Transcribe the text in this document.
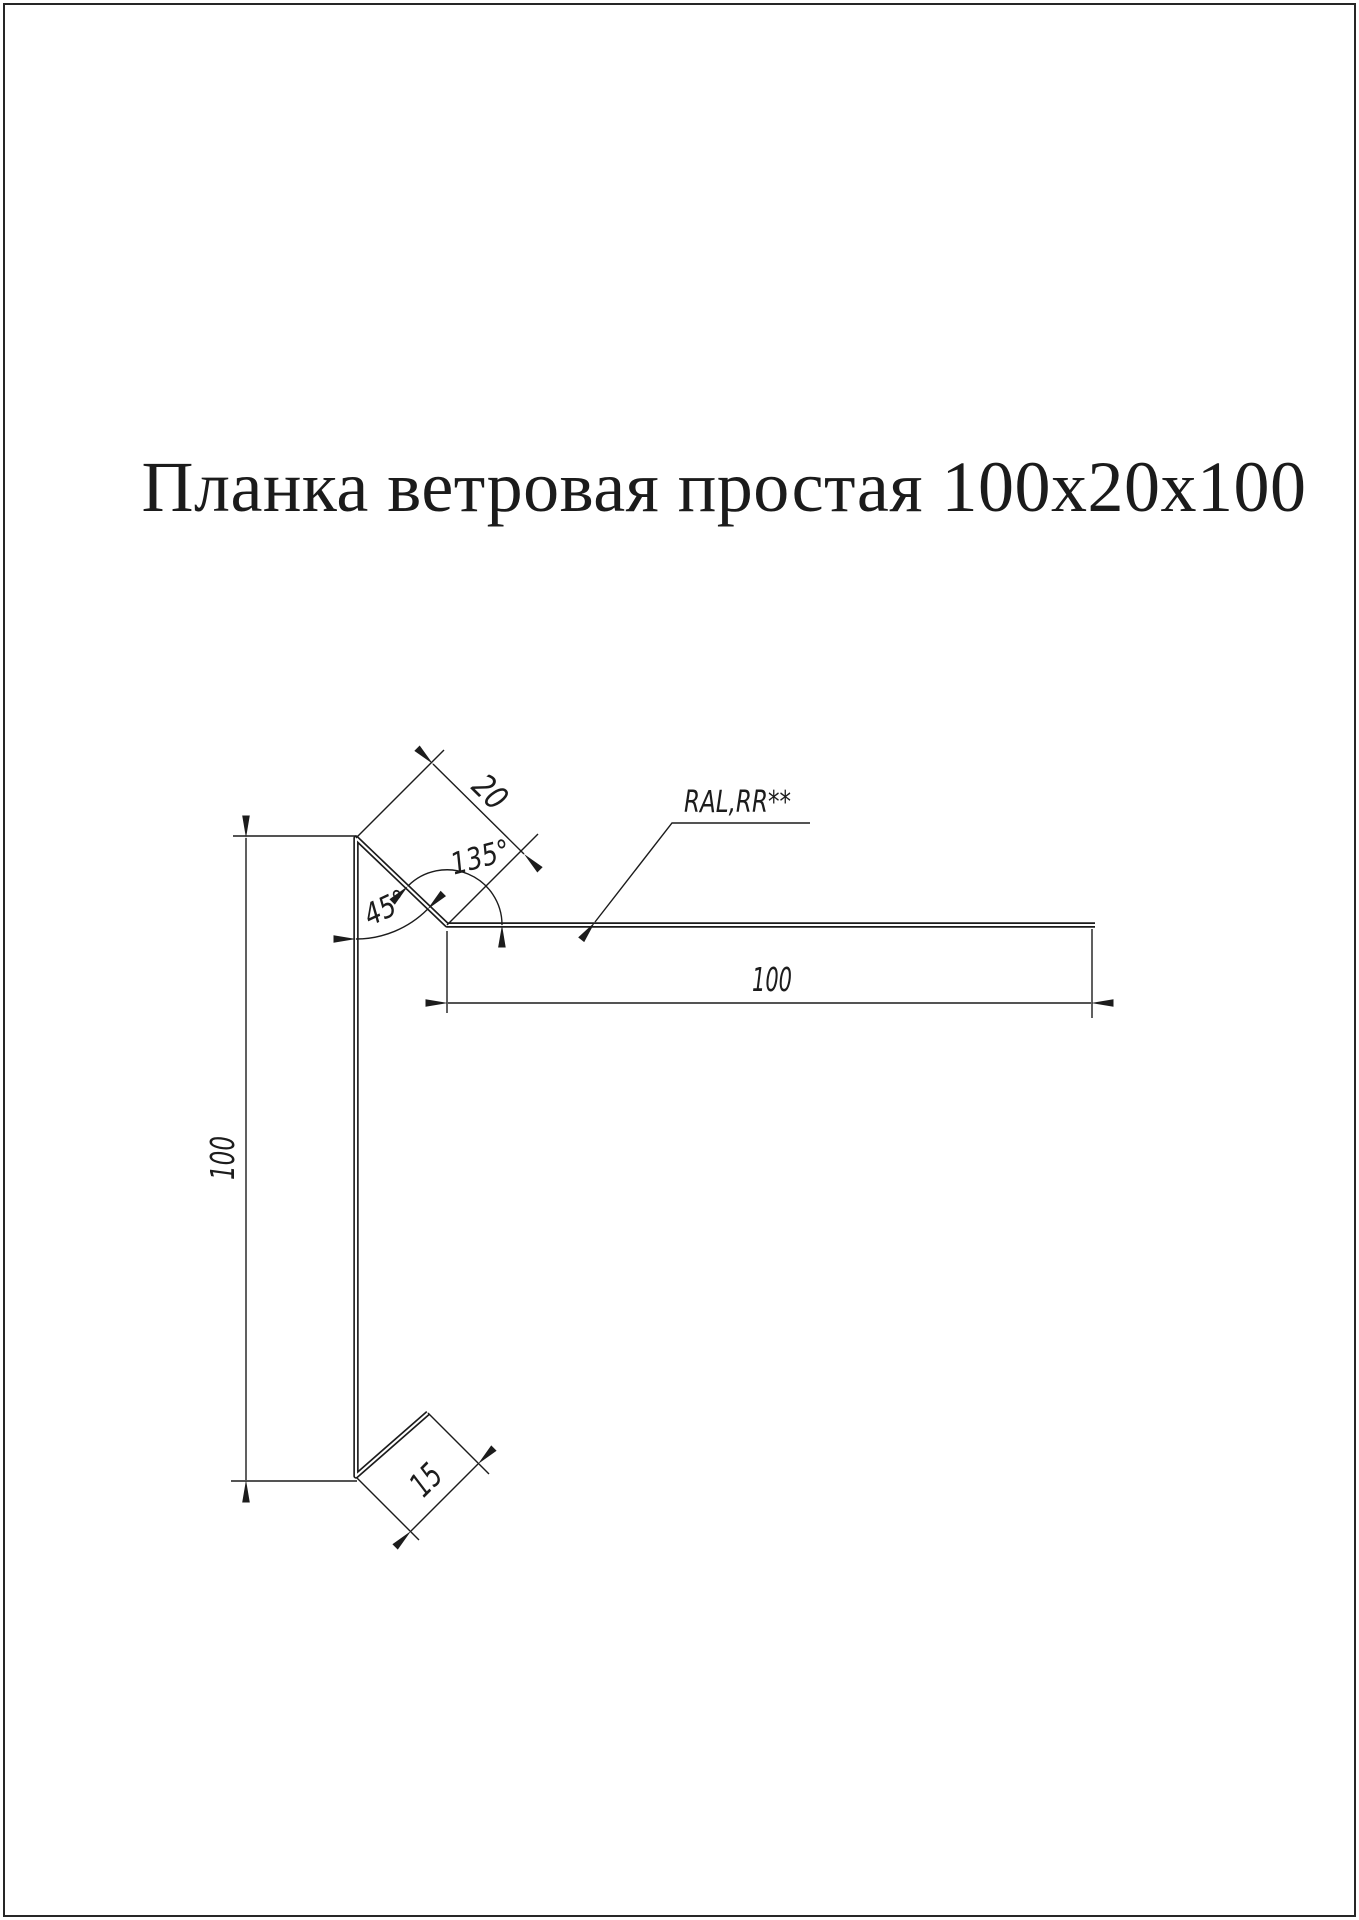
Планка ветровая простая 100x20x100
100
100
20
135°
45°
15
RAL,RR**
